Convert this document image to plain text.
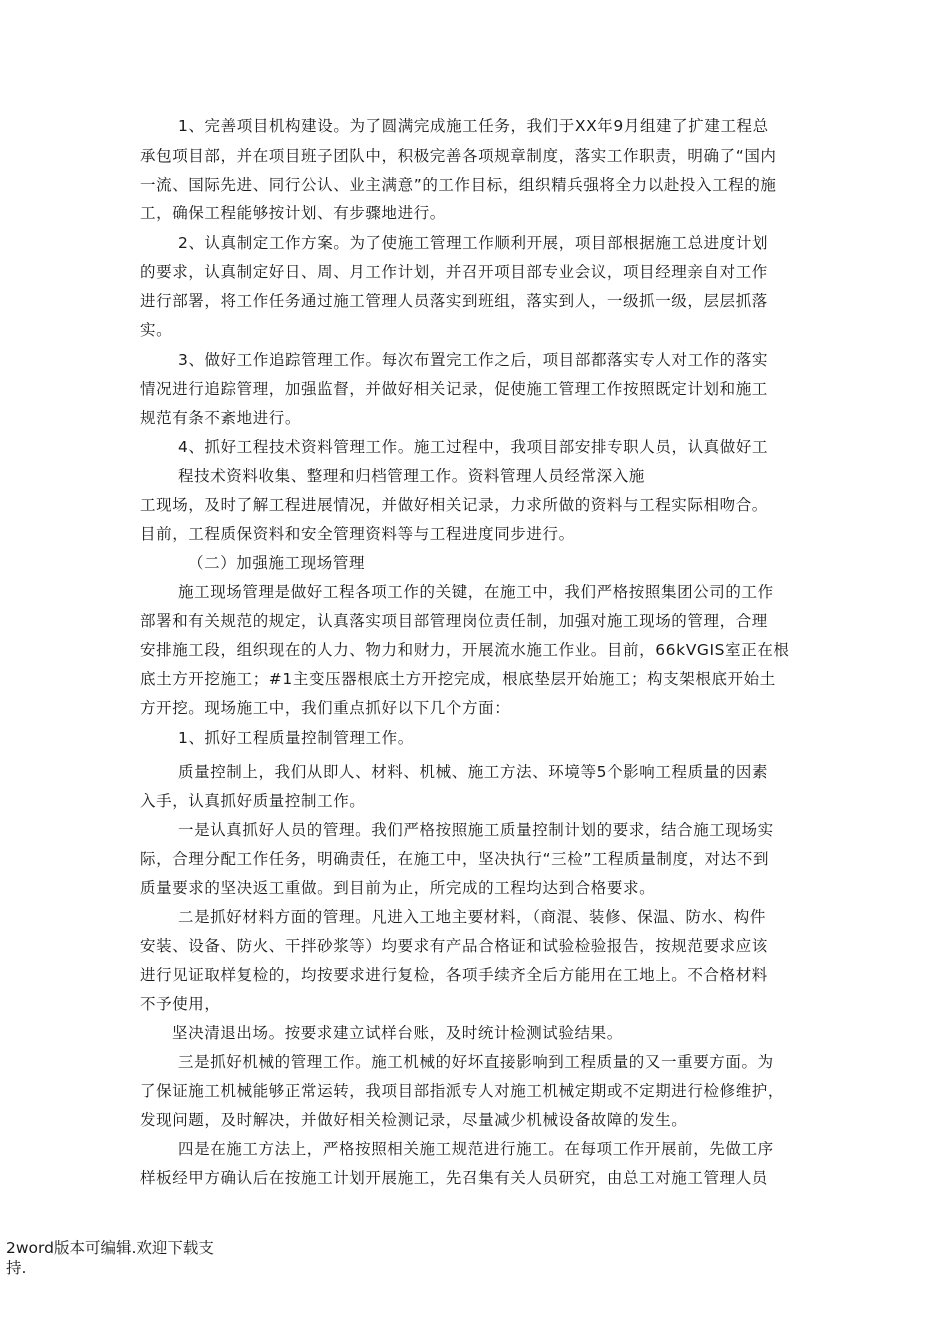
1、完善项目机构建设。为了圆满完成施工任务，我们于XX年9月组建了扩建工程总
承包项目部，并在项目班子团队中，积极完善各项规章制度，落实工作职责，明确了“国内
一流、国际先进、同行公认、业主满意”的工作目标，组织精兵强将全力以赴投入工程的施
工，确保工程能够按计划、有步骤地进行。
2、认真制定工作方案。为了使施工管理工作顺利开展，项目部根据施工总进度计划
的要求，认真制定好日、周、月工作计划，并召开项目部专业会议，项目经理亲自对工作
进行部署，将工作任务通过施工管理人员落实到班组，落实到人，一级抓一级，层层抓落
实。
3、做好工作追踪管理工作。每次布置完工作之后，项目部都落实专人对工作的落实
情况进行追踪管理，加强监督，并做好相关记录，促使施工管理工作按照既定计划和施工
规范有条不紊地进行。
4、抓好工程技术资料管理工作。施工过程中，我项目部安排专职人员，认真做好工
程技术资料收集、整理和归档管理工作。资料管理人员经常深入施
工现场，及时了解工程进展情况，并做好相关记录，力求所做的资料与工程实际相吻合。
目前，工程质保资料和安全管理资料等与工程进度同步进行。
（二）加强施工现场管理
施工现场管理是做好工程各项工作的关键，在施工中，我们严格按照集团公司的工作
部署和有关规范的规定，认真落实项目部管理岗位责任制，加强对施工现场的管理，合理
安排施工段，组织现在的人力、物力和财力，开展流水施工作业。目前，66kVGIS室正在根
底土方开挖施工；#1主变压器根底土方开挖完成，根底垫层开始施工；构支架根底开始土
方开挖。现场施工中，我们重点抓好以下几个方面：
1、抓好工程质量控制管理工作。
质量控制上，我们从即人、材料、机械、施工方法、环境等5个影响工程质量的因素
入手，认真抓好质量控制工作。
一是认真抓好人员的管理。我们严格按照施工质量控制计划的要求，结合施工现场实
际，合理分配工作任务，明确责任，在施工中，坚决执行“三检”工程质量制度，对达不到
质量要求的坚决返工重做。到目前为止，所完成的工程均达到合格要求。
二是抓好材料方面的管理。凡进入工地主要材料，（商混、装修、保温、防水、构件
安装、设备、防火、干拌砂浆等）均要求有产品合格证和试验检验报告，按规范要求应该
进行见证取样复检的，均按要求进行复检，各项手续齐全后方能用在工地上。不合格材料
不予使用，
坚决清退出场。按要求建立试样台账，及时统计检测试验结果。
三是抓好机械的管理工作。施工机械的好坏直接影响到工程质量的又一重要方面。为
了保证施工机械能够正常运转，我项目部指派专人对施工机械定期或不定期进行检修维护，
发现问题，及时解决，并做好相关检测记录，尽量减少机械设备故障的发生。
四是在施工方法上，严格按照相关施工规范进行施工。在每项工作开展前，先做工序
样板经甲方确认后在按施工计划开展施工，先召集有关人员研究，由总工对施工管理人员
2word版本可编辑.欢迎下载支
持.
